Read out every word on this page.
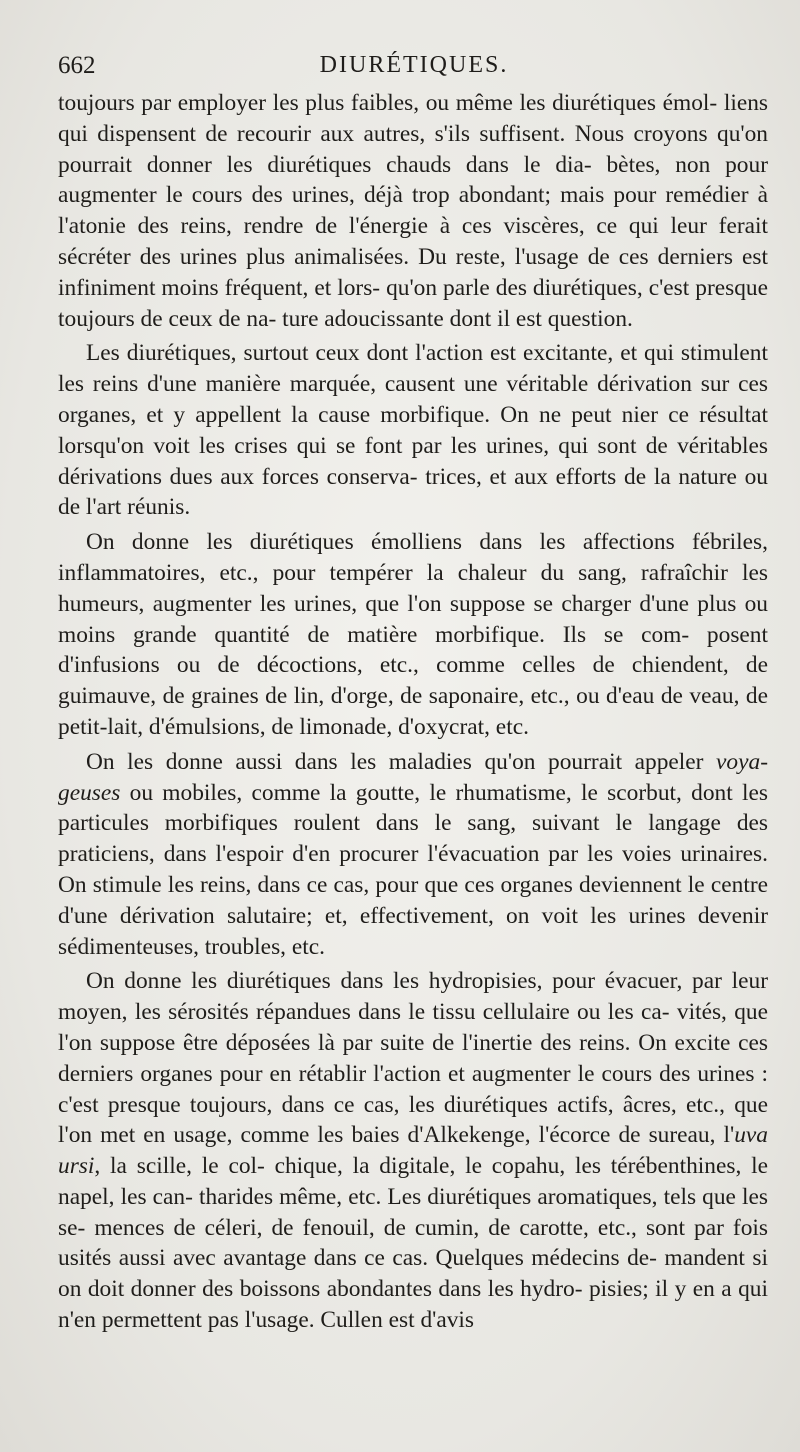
662	DIURÉTIQUES.

toujours par employer les plus faibles, ou même les diurétiques émol- liens qui dispensent de recourir aux autres, s'ils suffisent. Nous croyons qu'on pourrait donner les diurétiques chauds dans le dia- bètes, non pour augmenter le cours des urines, déjà trop abondant; mais pour remédier à l'atonie des reins, rendre de l'énergie à ces viscères, ce qui leur ferait sécréter des urines plus animalisées. Du reste, l'usage de ces derniers est infiniment moins fréquent, et lors- qu'on parle des diurétiques, c'est presque toujours de ceux de na- ture adoucissante dont il est question.

Les diurétiques, surtout ceux dont l'action est excitante, et qui stimulent les reins d'une manière marquée, causent une véritable dérivation sur ces organes, et y appellent la cause morbifique. On ne peut nier ce résultat lorsqu'on voit les crises qui se font par les urines, qui sont de véritables dérivations dues aux forces conserva- trices, et aux efforts de la nature ou de l'art réunis.

On donne les diurétiques émolliens dans les affections fébriles, inflammatoires, etc., pour tempérer la chaleur du sang, rafraîchir les humeurs, augmenter les urines, que l'on suppose se charger d'une plus ou moins grande quantité de matière morbifique. Ils se com- posent d'infusions ou de décoctions, etc., comme celles de chiendent, de guimauve, de graines de lin, d'orge, de saponaire, etc., ou d'eau de veau, de petit-lait, d'émulsions, de limonade, d'oxycrat, etc.

On les donne aussi dans les maladies qu'on pourrait appeler voya- geuses ou mobiles, comme la goutte, le rhumatisme, le scorbut, dont les particules morbifiques roulent dans le sang, suivant le langage des praticiens, dans l'espoir d'en procurer l'évacuation par les voies urinaires. On stimule les reins, dans ce cas, pour que ces organes deviennent le centre d'une dérivation salutaire; et, effectivement, on voit les urines devenir sédimenteuses, troubles, etc.

On donne les diurétiques dans les hydropisies, pour évacuer, par leur moyen, les sérosités répandues dans le tissu cellulaire ou les ca- vités, que l'on suppose être déposées là par suite de l'inertie des reins. On excite ces derniers organes pour en rétablir l'action et augmenter le cours des urines : c'est presque toujours, dans ce cas, les diurétiques actifs, âcres, etc., que l'on met en usage, comme les baies d'Alkekenge, l'écorce de sureau, l'uva ursi, la scille, le col- chique, la digitale, le copahu, les térébenthines, le napel, les can- tharides même, etc. Les diurétiques aromatiques, tels que les se- mences de céleri, de fenouil, de cumin, de carotte, etc., sont par fois usités aussi avec avantage dans ce cas. Quelques médecins de- mandent si on doit donner des boissons abondantes dans les hydro- pisies; il y en a qui n'en permettent pas l'usage. Cullen est d'avis
